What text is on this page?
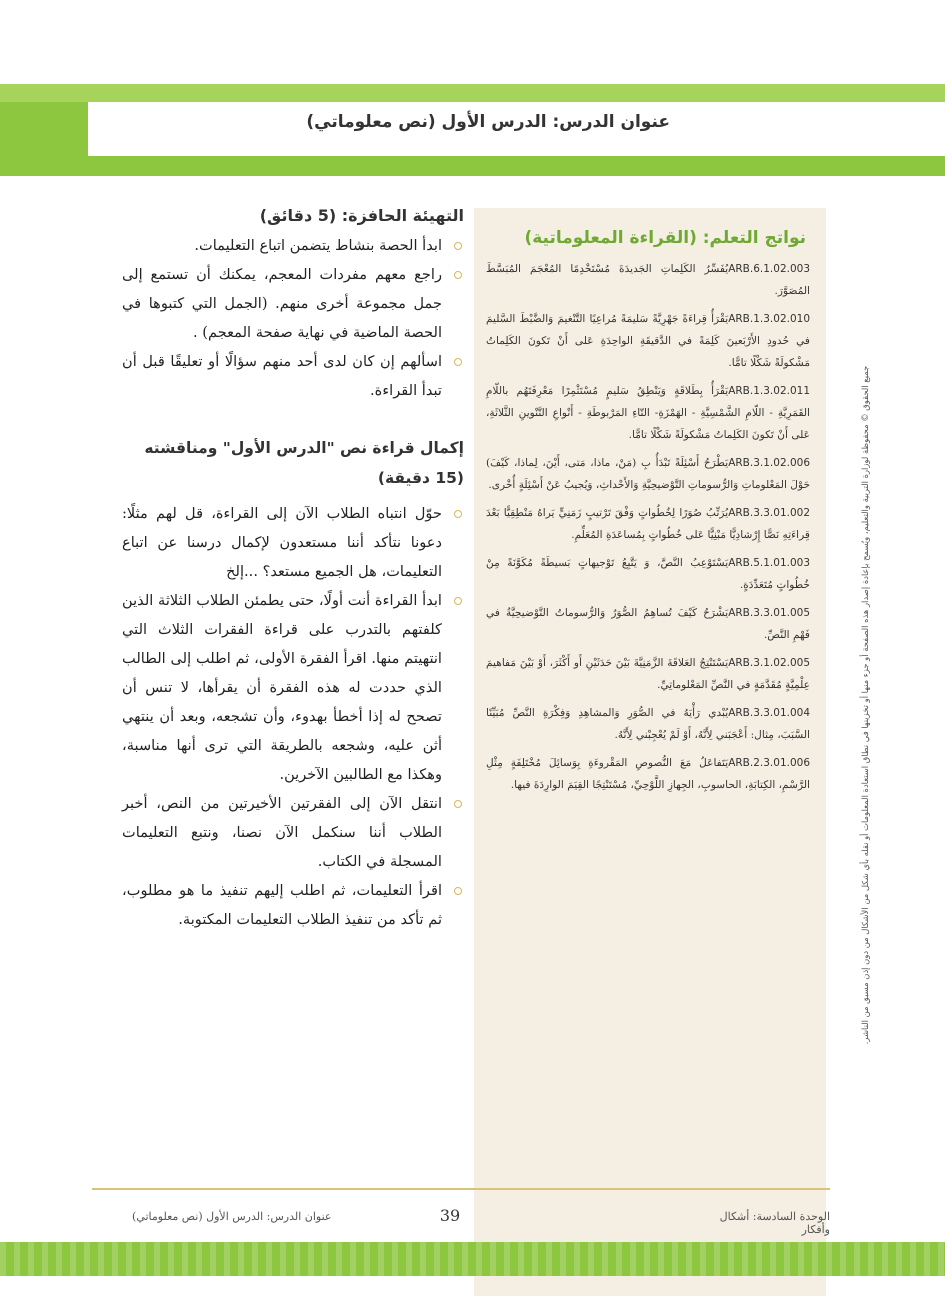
عنوان الدرس: الدرس الأول (نص معلوماتي)	الحصّة السّابعة
نواتج التعلم: (القراءة المعلوماتية)
ARB.6.1.02.003يُفَسِّرُ الكَلِماتِ الجَديدَةَ مُسْتَخْدِمًا المُعْجَمَ المُبَسَّطَ المُصَوَّرَ.
ARB.1.3.02.010يَقْرَأُ قِراءَةً جَهْرِيَّةً سَليمَةً مُراعِيًا التَّنْغيمَ وَالضَّبْطَ السَّليمَ في حُدودِ الأَرْبَعينَ كَلِمَةً في الدَّقيقَةِ الواحِدَةِ عَلى أَنْ تَكونَ الكَلِماتُ مَشْكولَةً شَكْلًا تامًّا.
ARB.1.3.02.011يَقْرَأُ بِطَلاقَةٍ وَيَنْطِقُ سَليمٍ مُسْتَثْمِرًا مَعْرِفَتَهُم باللّامِ القَمَرِيَّةِ - اللّامِ الشَّمْسِيَّةِ - الهَمْزَةِ- التّاءِ المَرْبوطَةِ - أَنْواعِ التَّنْوينِ الثَّلاثَةِ، عَلى أَنْ تَكونَ الكَلِماتُ مَشْكولَةً شَكْلًا تامًّا.
ARB.3.1.02.006يَطْرَحُ أَسْئِلَةً تَبْدَأُ بِ (مَنْ، ماذا، مَتى، أَيْنَ، لِماذا، كَيْفَ) حَوْلَ المَعْلوماتِ وَالرُّسوماتِ التَّوْضيحِيَّةِ وَالأَحْداثِ، وَيُجيبُ عَنْ أَسْئِلَةٍ أُخْرى.
ARB.3.3.01.002يُرَتِّبُ صُوَرًا لِخُطُواتٍ وَفْقَ تَرْتيبٍ زَمَنِيٍّ يَراهُ مَنْطِقِيًّا بَعْدَ قِراءَتِهِ نَصًّا إِرْشادِيًّا مَبْنِيًّا عَلى خُطُواتٍ بِمُساعَدَةِ المُعَلِّمِ.
ARB.5.1.01.003يَسْتَوْعِبُ النَّصَّ، وَ يَتَّبِعُ تَوْجيهاتٍ بَسيطَةً مُكَوَّنَةً مِنْ خُطُواتٍ مُتَعَدِّدَةٍ.
ARB.3.3.01.005يَشْرَحُ كَيْفَ تُساهِمُ الصُّوَرُ وَالرُّسوماتُ التَّوْضيحِيَّةُ في فَهْمِ النَّصِّ.
ARB.3.1.02.005يَسْتَنْتِجُ العَلاقَةَ الزَّمَنِيَّةَ بَيْنَ حَدَثَيْنِ أَو أَكْثَرَ، أَوْ بَيْنَ مَفاهيمَ عِلْمِيَّةٍ مُقَدَّمَةٍ في النَّصِّ المَعْلوماتِيِّ.
ARB.3.3.01.004يُبْدي رَأْيَهُ في الصُّوَرِ وَالمشاهِدِ وَفِكْرَةِ النَّصِّ مُبَيِّنًا السَّبَبَ، مِثال: أَعْجَبَني لِأَنَّهُ، أَوْ لَمْ يُعْجِبْني لِأَنَّهُ.
ARB.2.3.01.006يَتَفاعَلُ مَعَ النُّصوصِ المَقْروءَةِ بِوَسائِلَ مُخْتَلِفَةٍ مِثْلِ الرَّسْمِ، الكِتابَةِ، الحاسوبِ، الجِهازِ اللَّوْحِيِّ، مُسْتَنْتِجًا القِيَمَ الوارِدَةَ فيها.
التهيئة الحافزة: (5 دقائق)
ابدأ الحصة بنشاط يتضمن اتباع التعليمات.
راجع معهم مفردات المعجم، يمكنك أن تستمع إلى جمل مجموعة أخرى منهم. (الجمل التي كتبوها في الحصة الماضية في نهاية صفحة المعجم) .
اسألهم إن كان لدى أحد منهم سؤالًا أو تعليقًا قبل أن تبدأ القراءة.
إكمال قراءة نص "الدرس الأول" ومناقشته (15 دقيقة)
حوّل انتباه الطلاب الآن إلى القراءة، قل لهم مثلًا: دعونا نتأكد أننا مستعدون لإكمال درسنا عن اتباع التعليمات، هل الجميع مستعد؟ ...إلخ
ابدأ القراءة أنت أولًا، حتى يطمئن الطلاب الثلاثة الذين كلفتهم بالتدرب على قراءة الفقرات الثلاث التي انتهيتم منها. اقرأ الفقرة الأولى، ثم اطلب إلى الطالب الذي حددت له هذه الفقرة أن يقرأها، لا تنس أن تصحح له إذا أخطأ بهدوء، وأن تشجعه، وبعد أن ينتهي أثن عليه، وشجعه بالطريقة التي ترى أنها مناسبة، وهكذا مع الطالبين الآخرين.
انتقل الآن إلى الفقرتين الأخيرتين من النص، أخبر الطلاب أننا سنكمل الآن نصنا، ونتبع التعليمات المسجلة في الكتاب.
اقرأ التعليمات، ثم اطلب إليهم تنفيذ ما هو مطلوب، ثم تأكد من تنفيذ الطلاب التعليمات المكتوبة.	جميع الحقوق © محفوظة لوزارة التربية والتعليم، ويُسمح بإعادة إصدار هذه الصفحة أو جزء منها أو تخزينها في نطاق استعادة المعلومات أو نقله بأي شكل من الأشكال من دون إذن مسبق من الناشر.
الوحدة السادسة: أشكال وأفكار
39
عنوان الدرس: الدرس الأول (نص معلوماتي)
